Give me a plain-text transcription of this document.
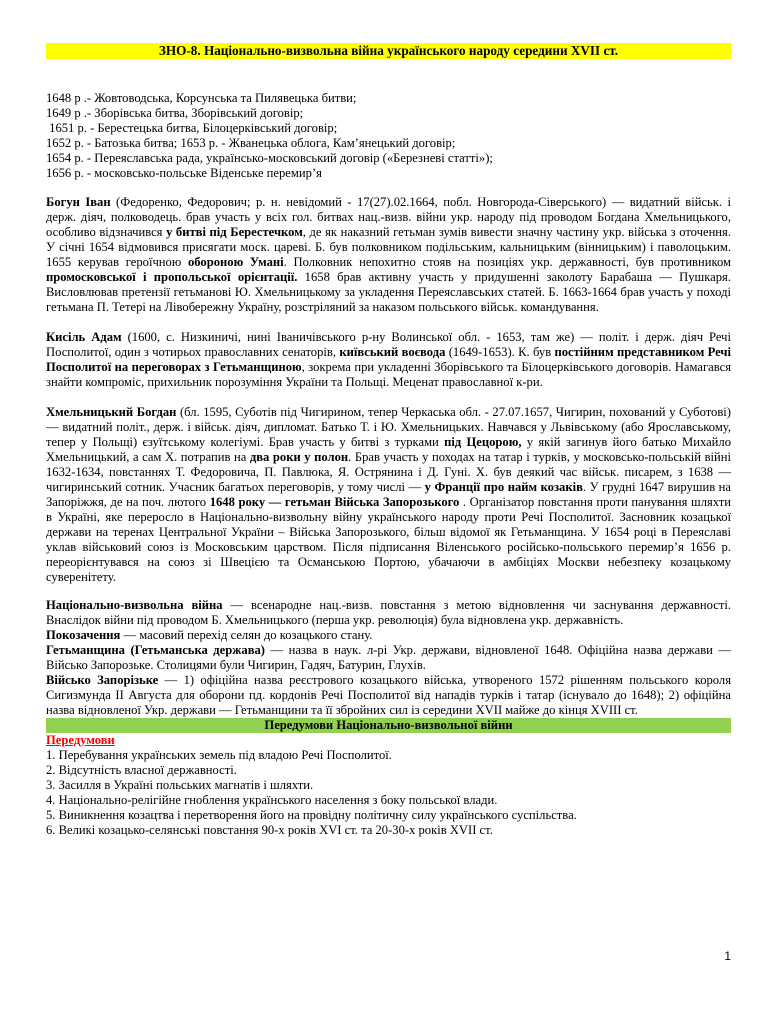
ЗНО-8. Національно-визвольна війна українського народу середини XVII ст.
1648 р .- Жовтоводська, Корсунська та Пилявецька битви;
1649 р .- Зборівська битва, Зборівський договір;
1651 р. - Берестецька битва, Білоцерківський договір;
1652 р. - Батозька битва; 1653 р. - Жванецька облога, Кам’янецький договір;
1654 р. - Переяславська рада, українсько-московський договір («Березневі статті»);
1656 р. - московсько-польське Віденське перемир’я
Богун Іван (Федоренко, Федорович; р. н. невідомий - 17(27).02.1664, побл. Новгорода-Сіверського) — видатний військ. і держ. діяч, полководець. брав участь у всіх гол. битвах нац.-визв. війни укр. народу під проводом Богдана Хмельницького, особливо відзначився у битві під Берестечком, де як наказний гетьман зумів вивести значну частину укр. війська з оточення. У січні 1654 відмовився присягати моск. цареві. Б. був полковником подільським, кальницьким (вінницьким) і паволоцьким. 1655 керував героїчною обороною Умані. Полковник непохитно стояв на позиціях укр. державності, був противником промосковської і пропольської орієнтації. 1658 брав активну участь у придушенні заколоту Барабаша — Пушкаря. Висловлював претензії гетьманові Ю. Хмельницькому за укладення Переяславських статей. Б. 1663-1664 брав участь у поході гетьмана П. Тетері на Лівобережну Україну, розстріляний за наказом польського військ. командування.
Кисіль Адам (1600, с. Низкиничі, нині Іваничівського р-ну Волинської обл. - 1653, там же) — політ. і держ. діяч Речі Посполитої, один з чотирьох православних сенаторів, київський воєвода (1649-1653). К. був постійним представником Речі Посполитої на переговорах з Гетьманщиною, зокрема при укладенні Зборівського та Білоцерківського договорів. Намагався знайти компроміс, прихильник порозуміння України та Польщі. Меценат православної к-ри.
Хмельницький Богдан (бл. 1595, Суботів під Чигирином, тепер Черкаська обл. - 27.07.1657, Чигирин, похований у Суботові) — видатний політ., держ. і військ. діяч, дипломат. Батько Т. і Ю. Хмельницьких. Навчався у Львівському (або Ярославському, тепер у Польщі) єзуїтському колегіумі. Брав участь у битві з турками під Цецорою, у якій загинув його батько Михайло Хмельницький, а сам Х. потрапив на два роки у полон. Брав участь у походах на татар і турків, у московсько-польській війні 1632-1634, повстаннях Т. Федоровича, П. Павлюка, Я. Острянина і Д. Гуні. Х. був деякий час військ. писарем, з 1638 — чигиринський сотник. Учасник багатьох переговорів, у тому числі — у Франції про найм козаків. У грудні 1647 вирушив на Запоріжжя, де на поч. лютого 1648 року — гетьман Війська Запорозького . Організатор повстання проти панування шляхти в Україні, яке переросло в Національно-визвольну війну українського народу проти Речі Посполитої. Засновник козацької держави на теренах Центральної України – Війська Запорозького, більш відомої як Гетьманщина. У 1654 році в Переяславі уклав військовий союз із Московським царством. Після підписання Віленського російсько-польського перемир’я 1656 р. переорієнтувався на союз зі Швецією та Османською Портою, убачаючи в амбіціях Москви небезпеку козацькому суверенітету.

Національно-визвольна війна — всенародне нац.-визв. повстання з метою відновлення чи заснування державності. Внаслідок війни під проводом Б. Хмельницького (перша укр. революція) була відновлена укр. державність.

Покозачення — масовий перехід селян до козацького стану.

Гетьманщина (Гетьманська держава) — назва в наук. л-рі Укр. держави, відновленої 1648. Офіційна назва держави — Військо Запорозьке. Столицями були Чигирин, Гадяч, Батурин, Глухів.

Військо Запорізьке — 1) офіційна назва реєстрового козацького війська, утвореного 1572 рішенням польського короля Сигизмунда ІІ Августа для оборони пд. кордонів Речі Посполитої від нападів турків і татар (існувало до 1648); 2) офіційна назва відновленої Укр. держави — Гетьманщини та її збройних сил із середини XVII майже до кінця XVIII ст.

Передумови Національно-визвольної війни
Передумови
1. Перебування українських земель під владою Речі Посполитої.
2. Відсутність власної державності.
3. Засилля в Україні польських магнатів і шляхти.
4. Національно-релігійне гноблення українського населення з боку польської влади.
5. Виникнення козацтва і перетворення його на провідну політичну силу українського суспільства.
6. Великі козацько-селянські повстання 90-х років XVI ст. та 20-30-х років XVII ст.
1
